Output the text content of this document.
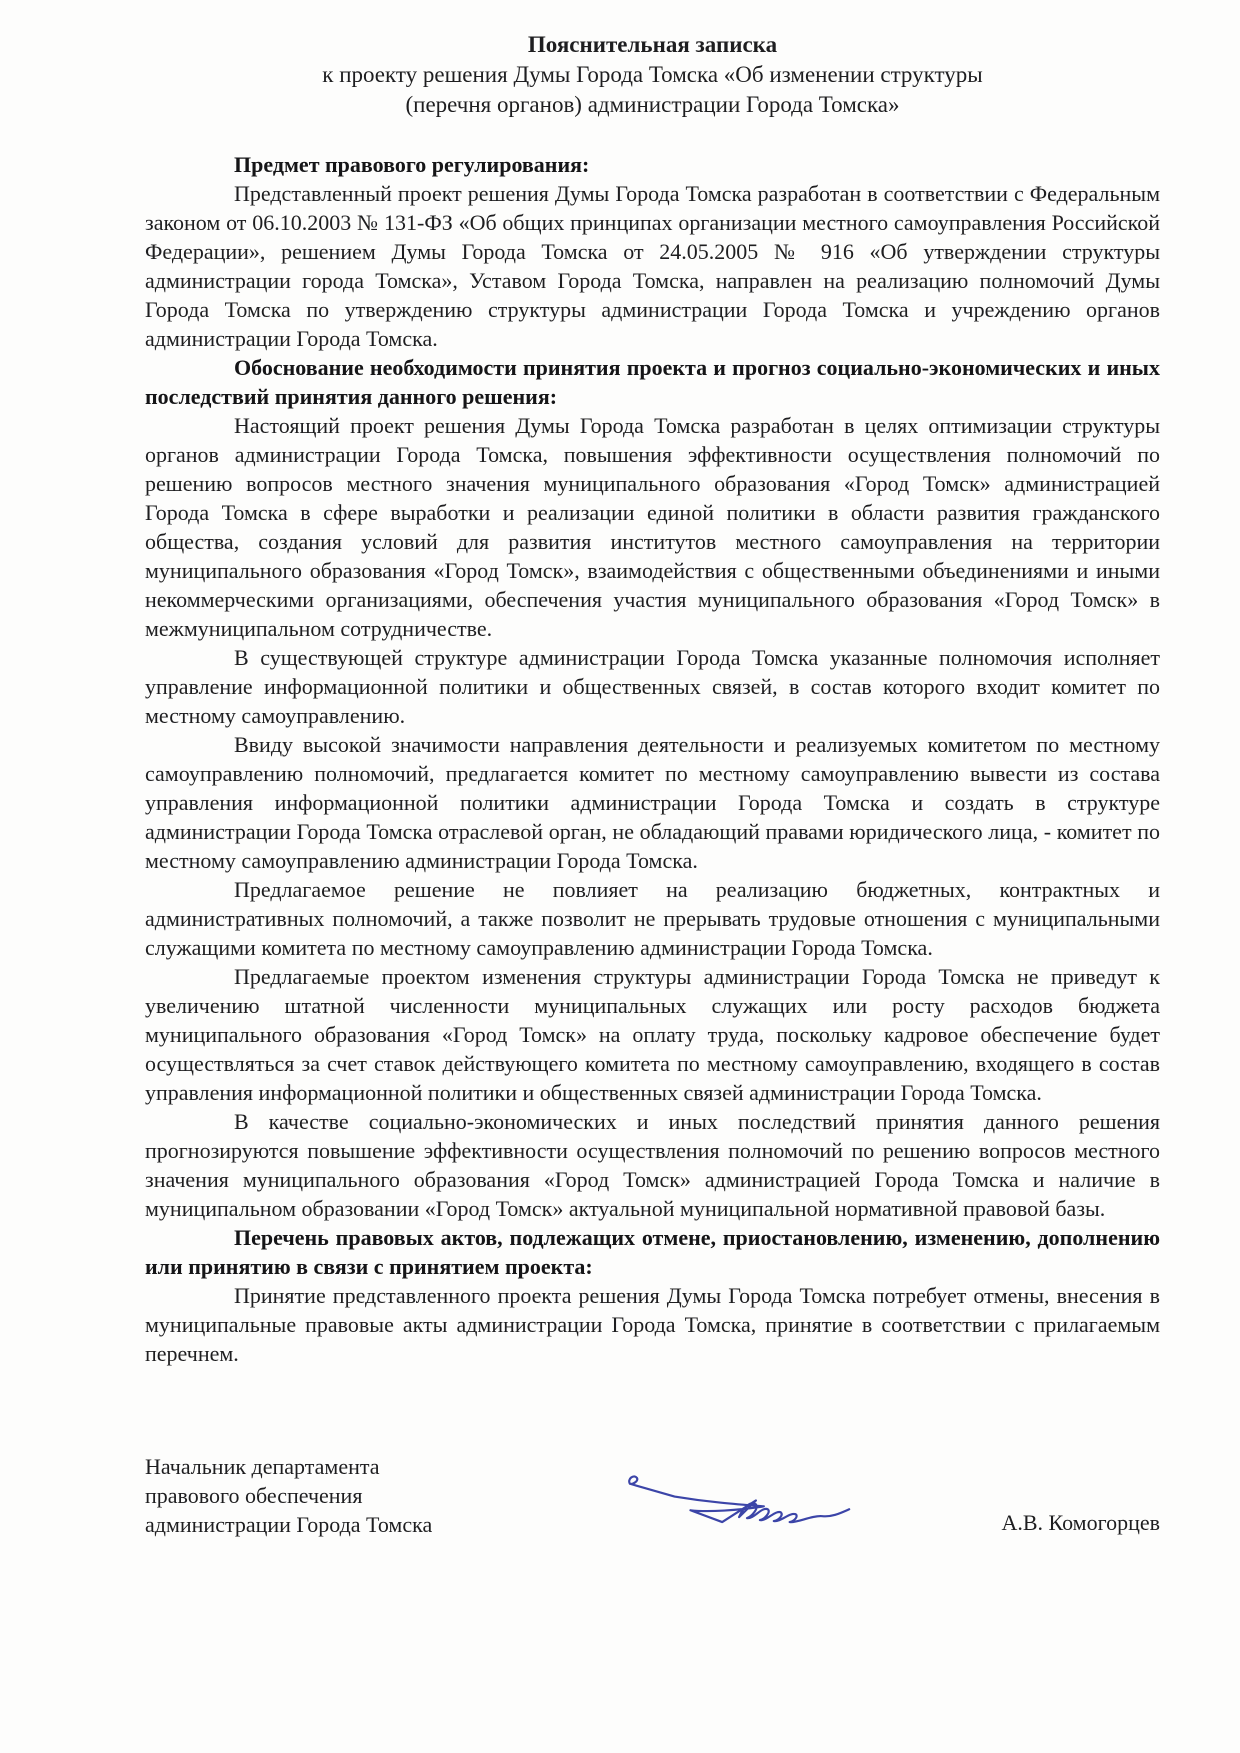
Пояснительная записка
к проекту решения Думы Города Томска «Об изменении структуры
(перечня органов) администрации Города Томска»

Предмет правового регулирования:

Представленный проект решения Думы Города Томска разработан в соответствии с Федеральным законом от 06.10.2003 № 131-ФЗ «Об общих принципах организации местного самоуправления Российской Федерации», решением Думы Города Томска от 24.05.2005 № 916 «Об утверждении структуры администрации города Томска», Уставом Города Томска, направлен на реализацию полномочий Думы Города Томска по утверждению структуры администрации Города Томска и учреждению органов администрации Города Томска.

Обоснование необходимости принятия проекта и прогноз социально-экономических и иных последствий принятия данного решения:

Настоящий проект решения Думы Города Томска разработан в целях оптимизации структуры органов администрации Города Томска, повышения эффективности осуществления полномочий по решению вопросов местного значения муниципального образования «Город Томск» администрацией Города Томска в сфере выработки и реализации единой политики в области развития гражданского общества, создания условий для развития институтов местного самоуправления на территории муниципального образования «Город Томск», взаимодействия с общественными объединениями и иными некоммерческими организациями, обеспечения участия муниципального образования «Город Томск» в межмуниципальном сотрудничестве.

В существующей структуре администрации Города Томска указанные полномочия исполняет управление информационной политики и общественных связей, в состав которого входит комитет по местному самоуправлению.

Ввиду высокой значимости направления деятельности и реализуемых комитетом по местному самоуправлению полномочий, предлагается комитет по местному самоуправлению вывести из состава управления информационной политики администрации Города Томска и создать в структуре администрации Города Томска отраслевой орган, не обладающий правами юридического лица, - комитет по местному самоуправлению администрации Города Томска.

Предлагаемое решение не повлияет на реализацию бюджетных, контрактных и административных полномочий, а также позволит не прерывать трудовые отношения с муниципальными служащими комитета по местному самоуправлению администрации Города Томска.

Предлагаемые проектом изменения структуры администрации Города Томска не приведут к увеличению штатной численности муниципальных служащих или росту расходов бюджета муниципального образования «Город Томск» на оплату труда, поскольку кадровое обеспечение будет осуществляться за счет ставок действующего комитета по местному самоуправлению, входящего в состав управления информационной политики и общественных связей администрации Города Томска.

В качестве социально-экономических и иных последствий принятия данного решения прогнозируются повышение эффективности осуществления полномочий по решению вопросов местного значения муниципального образования «Город Томск» администрацией Города Томска и наличие в муниципальном образовании «Город Томск» актуальной муниципальной нормативной правовой базы.

Перечень правовых актов, подлежащих отмене, приостановлению, изменению, дополнению или принятию в связи с принятием проекта:

Принятие представленного проекта решения Думы Города Томска потребует отмены, внесения в муниципальные правовые акты администрации Города Томска, принятие в соответствии с прилагаемым перечнем.

Начальник департамента
правового обеспечения
администрации Города Томска	А.В. Комогорцев
